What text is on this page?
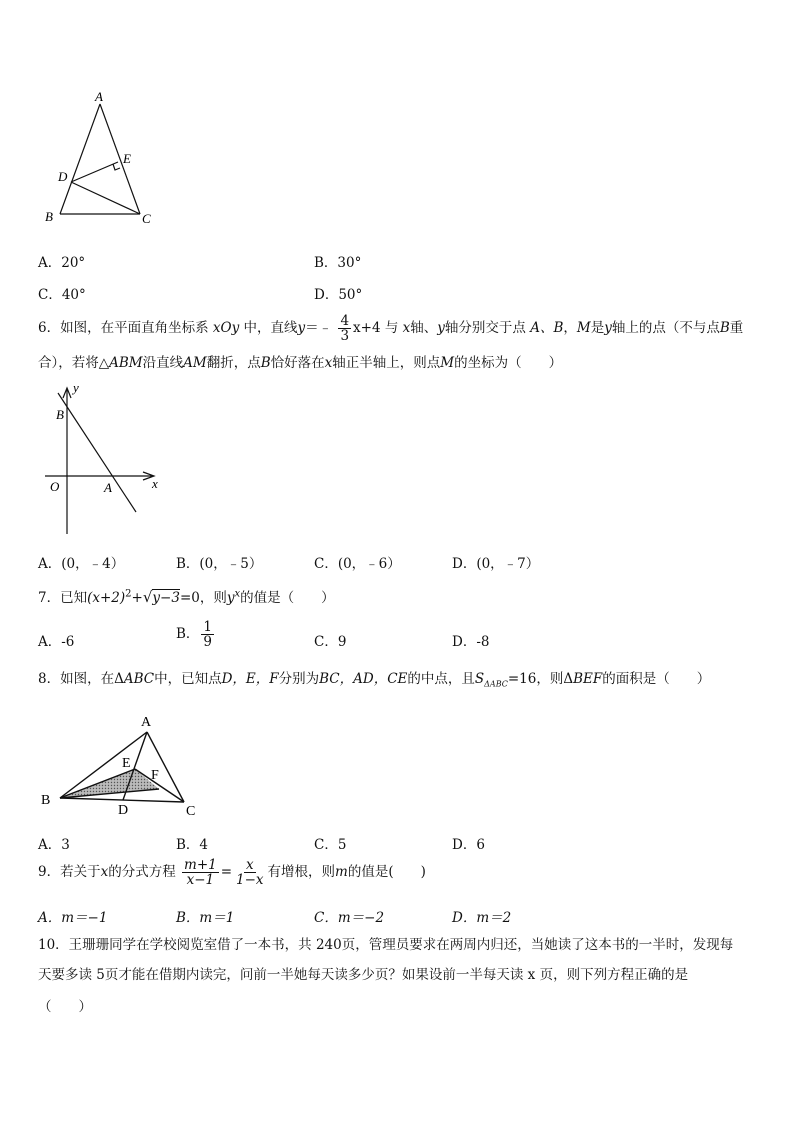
A
E
D
B	C
A．20°	B．30°
C．40°	D．50°
6．如图，在平面直角坐标系 xOy 中，直线y＝﹣ $\frac{4}{3} x+4$ 与 x轴、y轴分别交于点 A、B，M是y轴上的点（不与点B重
合），若将△ABM沿直线AM翻折，点B恰好落在x轴正半轴上，则点M的坐标为（　　）
y
B
O	A	x
A．(0，﹣4）	B．(0，﹣5）	C．(0，﹣6）	D．(0，﹣7）
7．已知$(x+2)^2+√y-3=0$，则$y^x$的值是（　　）
A．-6	B． $\frac{1}{9}$	C．9	D．-8
8．如图，在ΔABC中，已知点D，E，F分别为BC，AD，CE的中点，且$S_{\Delta ABC}=16$，则ΔBEF的面积是（　　）
A
E
F
B
D	C
A．3	B．4	C．5	D．6
9．若关于x的分式方程 $\frac{m+1}{x-1} = \frac{x}{1-x}$ 有增根，则m的值是(　　)
A．m＝−1	B．m＝1	C．m＝−2	D．m＝2
10．王珊珊同学在学校阅览室借了一本书，共 240页，管理员要求在两周内归还，当她读了这本书的一半时，发现每
天要多读 5页才能在借期内读完，问前一半她每天读多少页？如果设前一半每天读 x 页，则下列方程正确的是
（　　）
